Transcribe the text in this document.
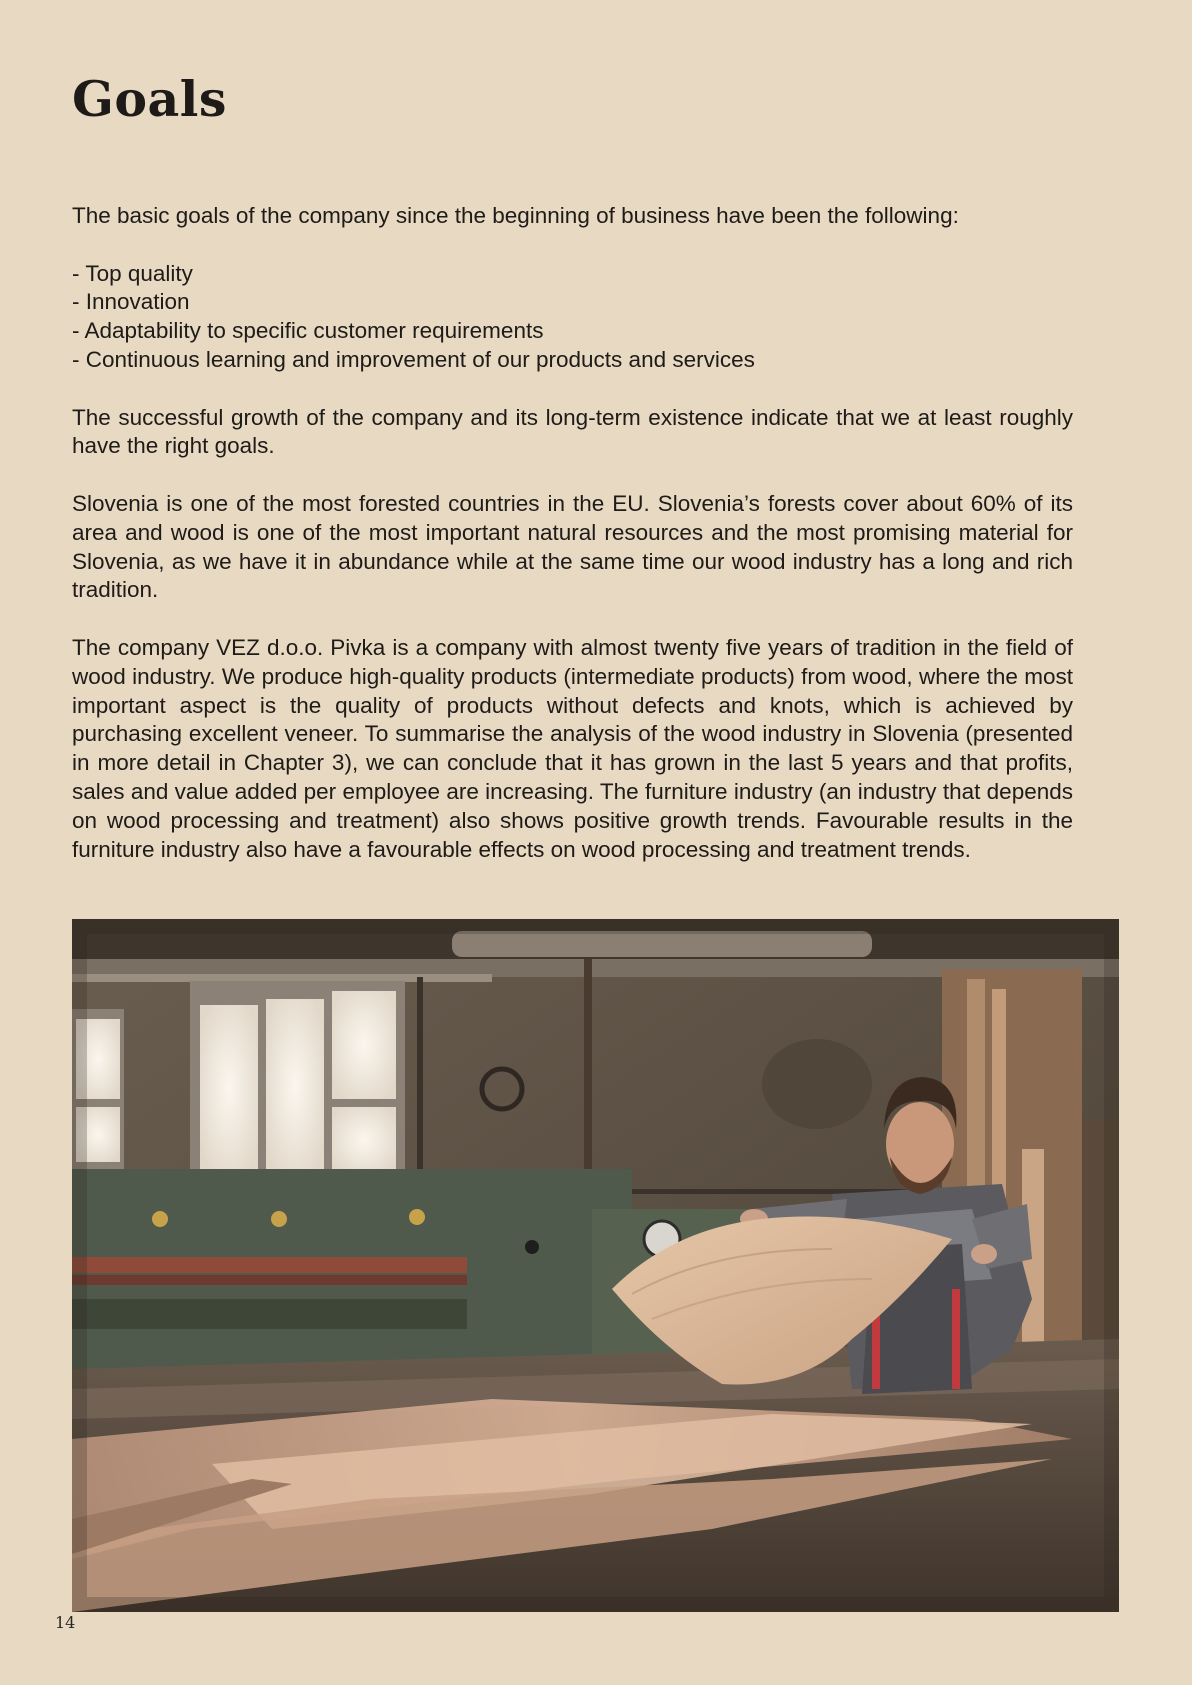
Goals

The basic goals of the company since the beginning of business have been the following:

- Top quality
- Innovation
- Adaptability to specific customer requirements
- Continuous learning and improvement of our products and services

The successful growth of the company and its long-term existence indicate that we at least roughly have the right goals.

Slovenia is one of the most forested countries in the EU. Slovenia’s forests cover about 60% of its area and wood is one of the most important natural resources and the most promising material for Slovenia, as we have it in abundance while at the same time our wood industry has a long and rich tradition.

The company VEZ d.o.o. Pivka is a company with almost twenty five years of tradition in the field of wood industry. We produce high-quality products (intermediate products) from wood, where the most important aspect is the quality of products without defects and knots, which is achieved by purchasing excellent veneer. To summarise the analysis of the wood industry in Slovenia (presented in more detail in Chapter 3), we can conclude that it has grown in the last 5 years and that profits, sales and value added per employee are increasing. The furniture industry (an industry that depends on wood processing and treatment) also shows positive growth trends. Favourable results in the furniture industry also have a favourable effects on wood processing and treatment trends.

14
